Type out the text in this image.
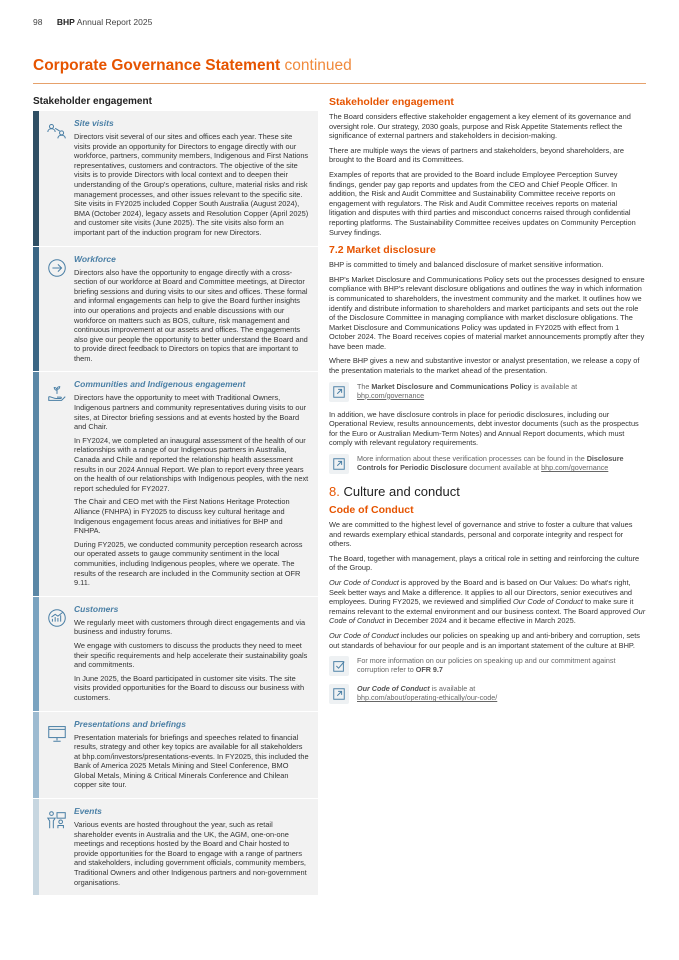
98 BHP Annual Report 2025
Corporate Governance Statement continued
Stakeholder engagement
Site visits

Directors visit several of our sites and offices each year. These site visits provide an opportunity for Directors to engage directly with our workforce, partners, community members, Indigenous and First Nations representatives, customers and contractors. The objective of the site visits is to provide Directors with local context and to deepen their understanding of the Group's operations, culture, material risks and risk management processes, and other issues relevant to the specific site. Site visits in FY2025 included Copper South Australia (August 2024), BMA (October 2024), legacy assets and Resolution Copper (April 2025) and customer site visits (June 2025). The site visits also form an important part of the induction program for new Directors.

Workforce

Directors also have the opportunity to engage directly with a cross-section of our workforce at Board and Committee meetings, at Director briefing sessions and during visits to our sites and offices. These formal and informal engagements can help to give the Board further insights into our operations and projects and enable discussions with our workforce on matters such as BOS, culture, risk management and continuous improvement at our assets and offices. The engagements also give our people the opportunity to better understand the Board and to provide direct feedback to Directors on topics that are important to them.

Communities and Indigenous engagement

Directors have the opportunity to meet with Traditional Owners, Indigenous partners and community representatives during visits to our sites, at Director briefing sessions and at events hosted by the Board and Chair.

In FY2024, we completed an inaugural assessment of the health of our relationships with a range of our Indigenous partners in Australia, Canada and Chile and reported the relationship health assessment results in our 2024 Annual Report. We plan to report every three years on the health of our relationships with Indigenous peoples, with the next report scheduled for FY2027.

The Chair and CEO met with the First Nations Heritage Protection Alliance (FNHPA) in FY2025 to discuss key cultural heritage and Indigenous engagement focus areas and initiatives for BHP and FNHPA.

During FY2025, we conducted community perception research across our operated assets to gauge community sentiment in the local communities, including Indigenous peoples, where we operate. The results of the research are included in the Community section at OFR 9.11.

Customers

We regularly meet with customers through direct engagements and via business and industry forums.

We engage with customers to discuss the products they need to meet their specific requirements and help accelerate their sustainability goals and commitments.

In June 2025, the Board participated in customer site visits. The site visits provided opportunities for the Board to discuss our business with customers.

Presentations and briefings

Presentation materials for briefings and speeches related to financial results, strategy and other key topics are available for all stakeholders at bhp.com/investors/presentations-events. In FY2025, this included the Bank of America 2025 Metals Mining and Steel Conference, BMO Global Metals, Mining & Critical Minerals Conference and Chilean copper site tour.

Events

Various events are hosted throughout the year, such as retail shareholder events in Australia and the UK, the AGM, one-on-one meetings and receptions hosted by the Board and Chair hosted to provide opportunities for the Board to engage with a range of partners and stakeholders, including government officials, community members, Traditional Owners and other Indigenous partners and non-government organisations.

Stakeholder engagement

The Board considers effective stakeholder engagement a key element of its governance and oversight role. Our strategy, 2030 goals, purpose and Risk Appetite Statements reflect the significance of external partners and stakeholders in decision-making.

There are multiple ways the views of partners and stakeholders, beyond shareholders, are brought to the Board and its Committees.

Examples of reports that are provided to the Board include Employee Perception Survey findings, gender pay gap reports and updates from the CEO and Chief People Officer. In addition, the Risk and Audit Committee and Sustainability Committee receive reports on engagement with regulators. The Risk and Audit Committee receives reports on material litigation and disputes with third parties and misconduct concerns raised through confidential reporting platforms. The Sustainability Committee receives updates on Community Perception Survey findings.

7.2 Market disclosure

BHP is committed to timely and balanced disclosure of market sensitive information.

BHP's Market Disclosure and Communications Policy sets out the processes designed to ensure compliance with BHP's relevant disclosure obligations and outlines the way in which information is communicated to shareholders, the investment community and the market. It outlines how we identify and distribute information to shareholders and market participants and sets out the role of the Disclosure Committee in managing compliance with market disclosure obligations. The Market Disclosure and Communications Policy was updated in FY2025 with effect from 1 October 2024. The Board receives copies of material market announcements promptly after they have been made.

Where BHP gives a new and substantive investor or analyst presentation, we release a copy of the presentation materials to the market ahead of the presentation.

The Market Disclosure and Communications Policy is available at bhp.com/governance

In addition, we have disclosure controls in place for periodic disclosures, including our Operational Review, results announcements, debt investor documents (such as the prospectus for the Euro or Australian Medium-Term Notes) and Annual Report documents, which must comply with relevant regulatory requirements.

More information about these verification processes can be found in the Disclosure Controls for Periodic Disclosure document available at bhp.com/governance
8. Culture and conduct
Code of Conduct

We are committed to the highest level of governance and strive to foster a culture that values and rewards exemplary ethical standards, personal and corporate integrity and respect for others.

The Board, together with management, plays a critical role in setting and reinforcing the culture of the Group.

Our Code of Conduct is approved by the Board and is based on Our Values: Do what's right, Seek better ways and Make a difference. It applies to all our Directors, senior executives and employees. During FY2025, we reviewed and simplified Our Code of Conduct to make sure it remains relevant to the external environment and our business context. The Board approved Our Code of Conduct in December 2024 and it became effective in March 2025.

Our Code of Conduct includes our policies on speaking up and anti-bribery and corruption, sets out standards of behaviour for our people and is an important statement of the culture at BHP.

For more information on our policies on speaking up and our commitment against corruption refer to OFR 9.7
Our Code of Conduct is available at
bhp.com/about/operating-ethically/our-code/
